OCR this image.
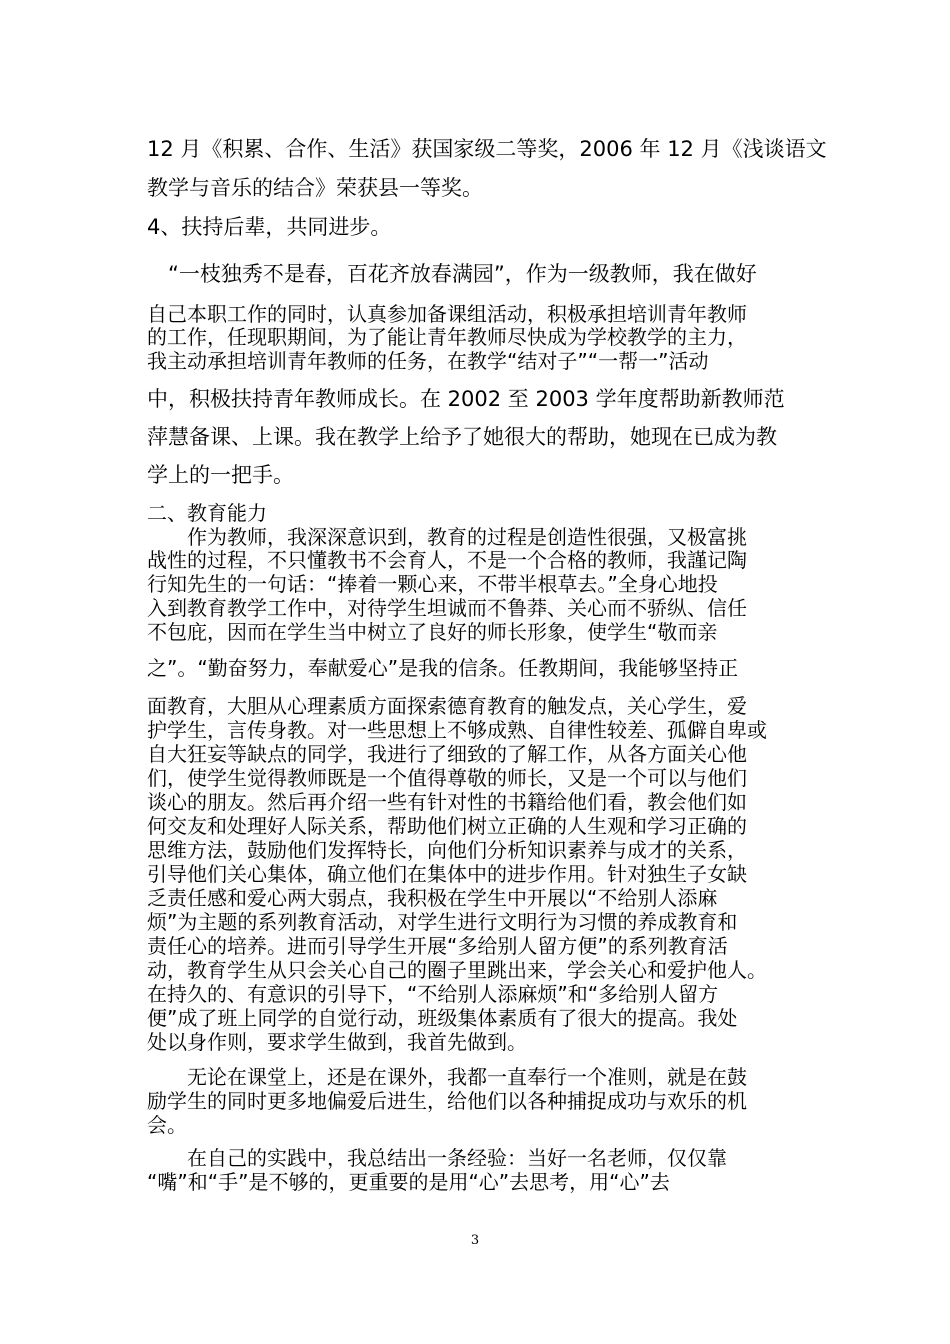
12 月《积累、合作、生活》获国家级二等奖，2006 年 12 月《浅谈语文

教学与音乐的结合》荣获县一等奖。

4、扶持后辈，共同进步。

　“一枝独秀不是春，百花齐放春满园”，作为一级教师，我在做好

自己本职工作的同时，认真参加备课组活动，积极承担培训青年教师

的工作，任现职期间，为了能让青年教师尽快成为学校教学的主力，

我主动承担培训青年教师的任务，在教学“结对子”“一帮一”活动

中，积极扶持青年教师成长。在 2002 至 2003 学年度帮助新教师范

萍慧备课、上课。我在教学上给予了她很大的帮助，她现在已成为教

学上的一把手。

二、教育能力

　　作为教师，我深深意识到，教育的过程是创造性很强，又极富挑

战性的过程，不只懂教书不会育人，不是一个合格的教师，我謹记陶

行知先生的一句话：“捧着一颗心来，不带半根草去。”全身心地投

入到教育教学工作中，对待学生坦诚而不鲁莽、关心而不骄纵、信任

不包庇，因而在学生当中树立了良好的师长形象，使学生“敬而亲

之”。“勤奋努力，奉献爱心”是我的信条。任教期间，我能够坚持正

面教育，大胆从心理素质方面探索德育教育的触发点，关心学生，爱

护学生，言传身教。对一些思想上不够成熟、自律性较差、孤僻自卑或

自大狂妄等缺点的同学，我进行了细致的了解工作，从各方面关心他

们，使学生觉得教师既是一个值得尊敬的师长，又是一个可以与他们

谈心的朋友。然后再介绍一些有针对性的书籍给他们看，教会他们如

何交友和处理好人际关系，帮助他们树立正确的人生观和学习正确的

思维方法，鼓励他们发挥特长，向他们分析知识素养与成才的关系，

引导他们关心集体，确立他们在集体中的进步作用。针对独生子女缺

乏责任感和爱心两大弱点，我积极在学生中开展以“不给别人添麻

烦”为主题的系列教育活动，对学生进行文明行为习惯的养成教育和

责任心的培养。进而引导学生开展“多给别人留方便”的系列教育活

动，教育学生从只会关心自己的圈子里跳出来，学会关心和爱护他人。

在持久的、有意识的引导下，“不给别人添麻烦”和“多给别人留方

便”成了班上同学的自觉行动，班级集体素质有了很大的提高。我处

处以身作则，要求学生做到，我首先做到。

　　无论在课堂上，还是在课外，我都一直奉行一个准则，就是在鼓

励学生的同时更多地偏爱后进生，给他们以各种捕捉成功与欢乐的机

会。

　　在自己的实践中，我总结出一条经验：当好一名老师，仅仅靠

“嘴”和“手”是不够的，更重要的是用“心”去思考，用“心”去

3
